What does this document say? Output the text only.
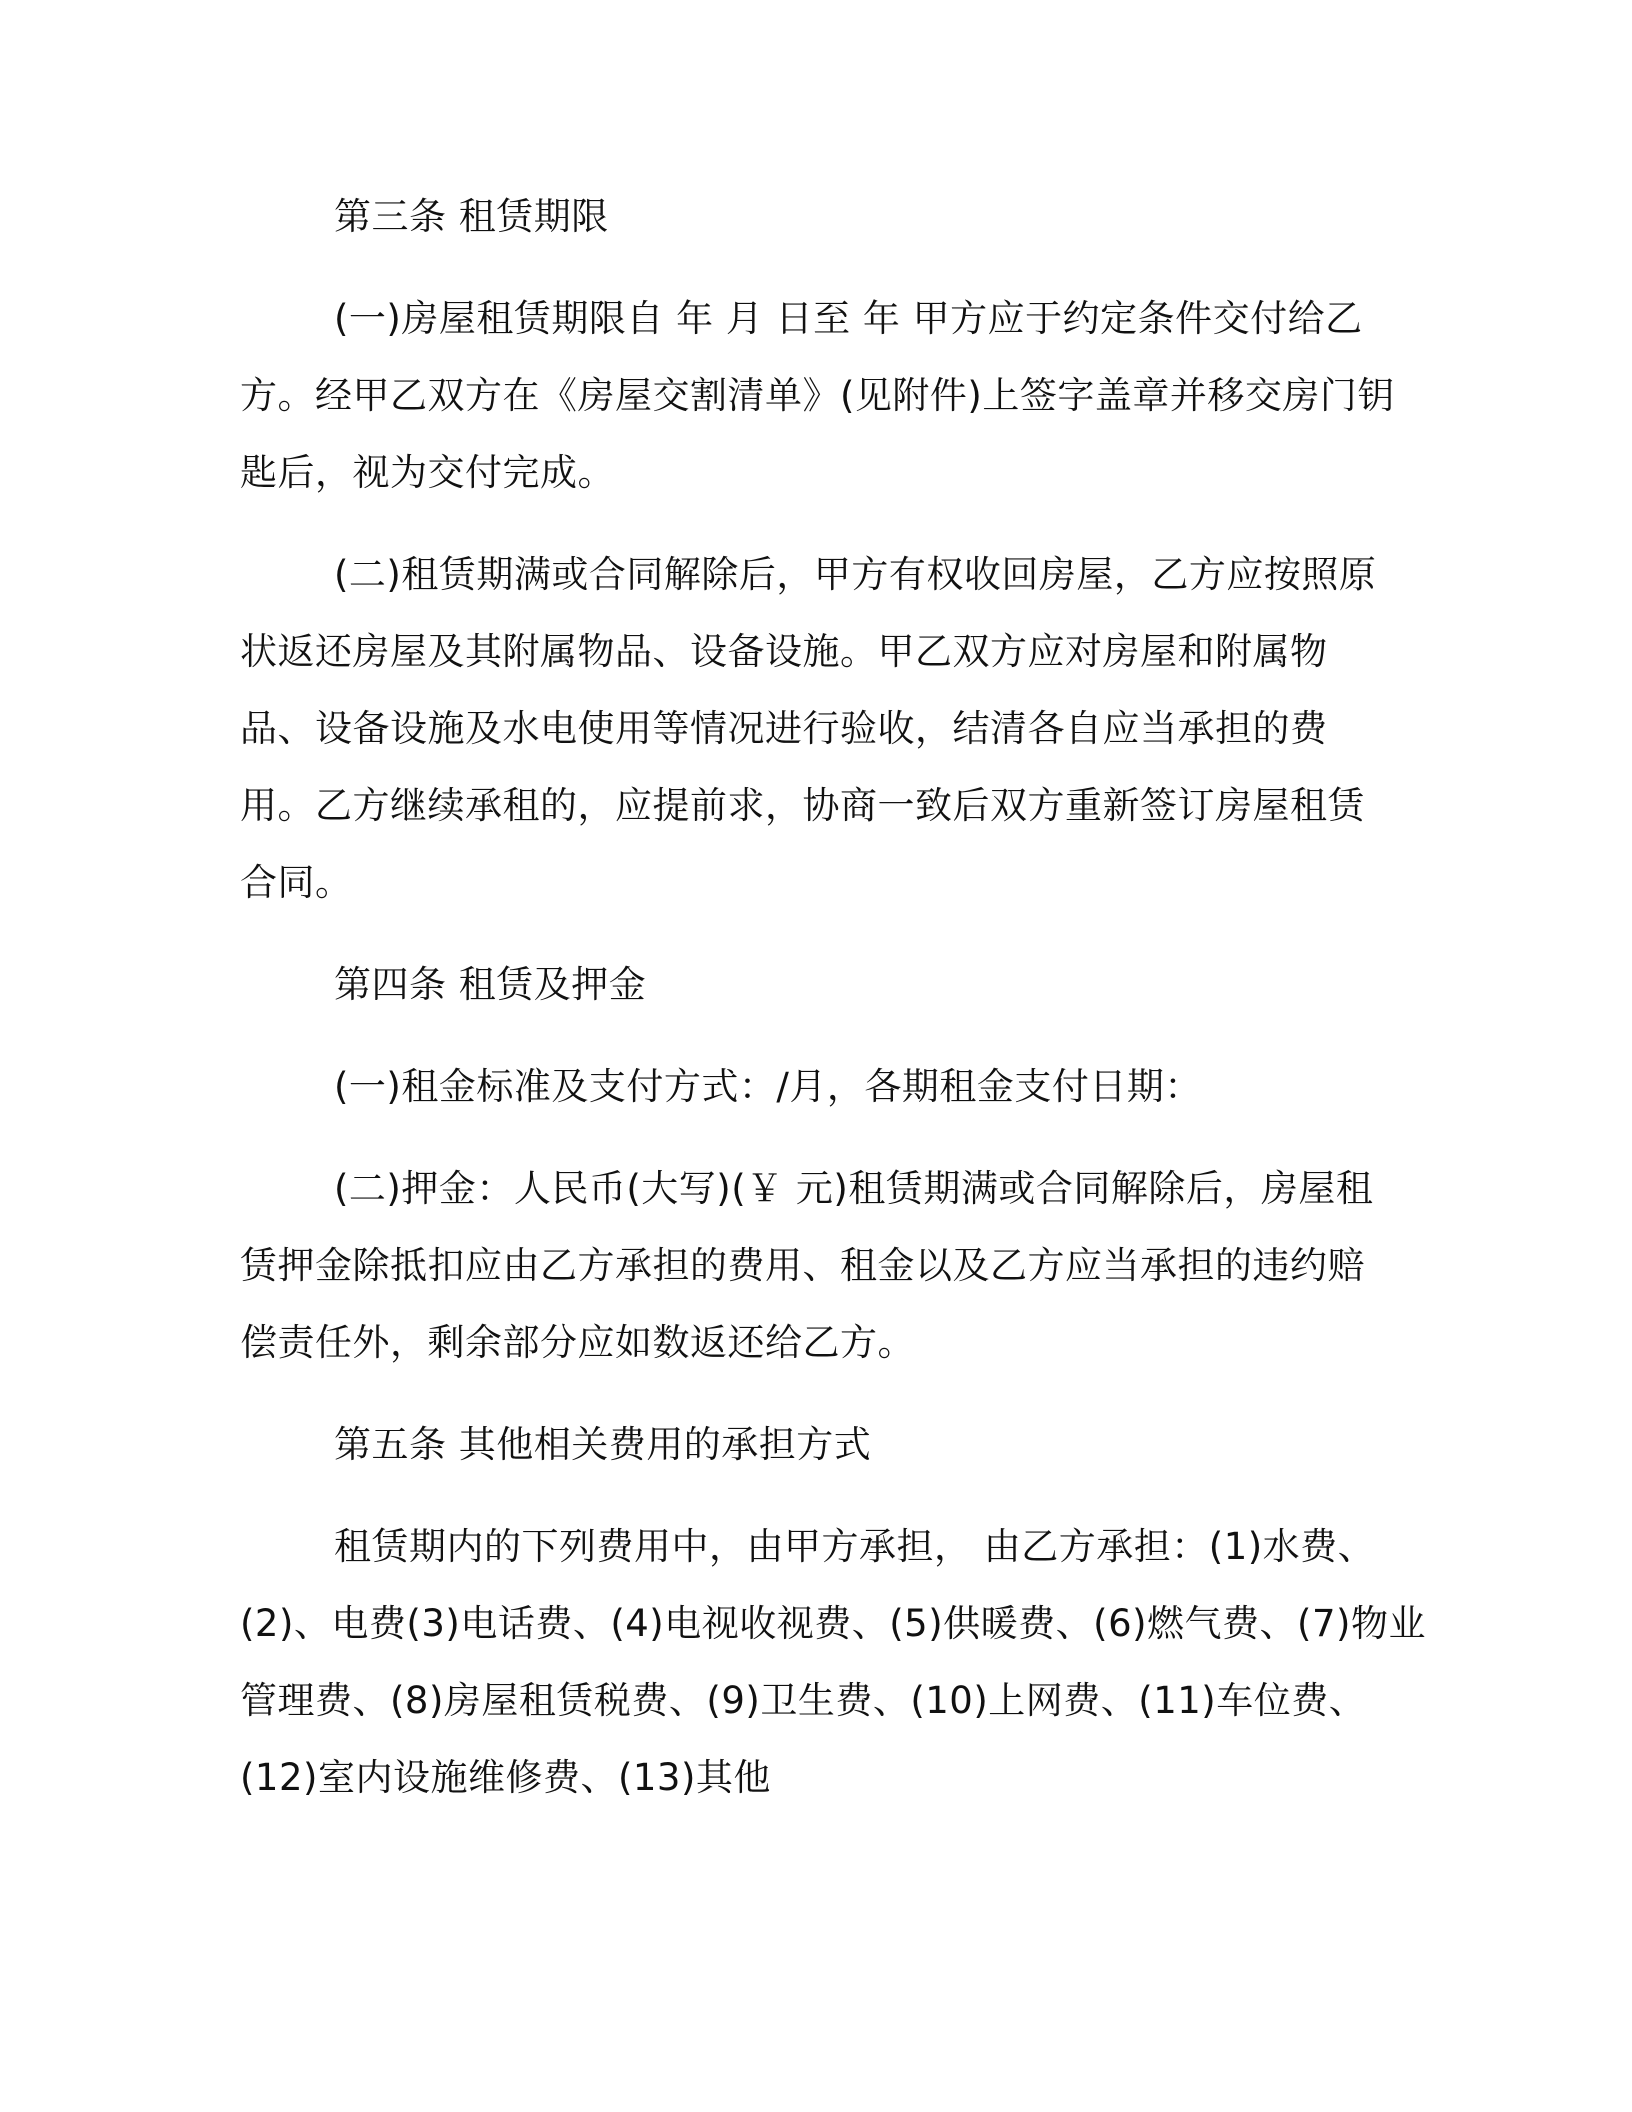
第三条 租赁期限

(一)房屋租赁期限自 年 月 日至 年 甲方应于约定条件交付给乙

方。经甲乙双方在《房屋交割清单》(见附件)上签字盖章并移交房门钥

匙后，视为交付完成。

(二)租赁期满或合同解除后，甲方有权收回房屋，乙方应按照原

状返还房屋及其附属物品、设备设施。甲乙双方应对房屋和附属物

品、设备设施及水电使用等情况进行验收，结清各自应当承担的费

用。乙方继续承租的，应提前求，协商一致后双方重新签订房屋租赁

合同。

第四条 租赁及押金

(一)租金标准及支付方式：/月，各期租金支付日期：

(二)押金：人民币(大写)(￥ 元)租赁期满或合同解除后，房屋租

赁押金除抵扣应由乙方承担的费用、租金以及乙方应当承担的违约赔

偿责任外，剩余部分应如数返还给乙方。

第五条 其他相关费用的承担方式

租赁期内的下列费用中，由甲方承担， 由乙方承担：(1)水费、

(2)、电费(3)电话费、(4)电视收视费、(5)供暖费、(6)燃气费、(7)物业

管理费、(8)房屋租赁税费、(9)卫生费、(10)上网费、(11)车位费、

(12)室内设施维修费、(13)其他
